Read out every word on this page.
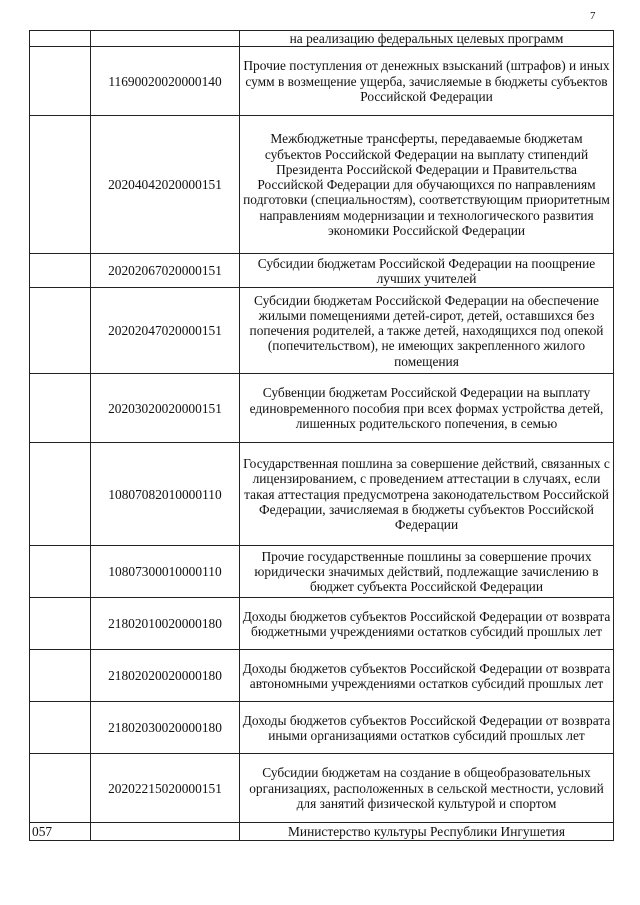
7
		на реализацию федеральных целевых программ
	11690020020000140	Прочие поступления от денежных взысканий (штрафов) и иных сумм в возмещение ущерба, зачисляемые в бюджеты субъектов Российской Федерации
	20204042020000151	Межбюджетные трансферты, передаваемые бюджетам субъектов Российской Федерации на выплату стипендий Президента Российской Федерации и Правительства Российской Федерации для обучающихся по направлениям подготовки (специальностям), соответствующим приоритетным направлениям модернизации и технологического развития экономики Российской Федерации
	20202067020000151	Субсидии бюджетам Российской Федерации на поощрение лучших учителей
	20202047020000151	Субсидии бюджетам Российской Федерации на обеспечение жилыми помещениями детей-сирот, детей, оставшихся без попечения родителей, а также детей, находящихся под опекой (попечительством), не имеющих закрепленного жилого помещения
	20203020020000151	Субвенции бюджетам Российской Федерации на выплату единовременного пособия при всех формах устройства детей, лишенных родительского попечения, в семью
	10807082010000110	Государственная пошлина за совершение действий, связанных с лицензированием, с проведением аттестации в случаях, если такая аттестация предусмотрена законодательством Российской Федерации, зачисляемая в бюджеты субъектов Российской Федерации
	10807300010000110	Прочие государственные пошлины за совершение прочих юридически значимых действий, подлежащие зачислению в бюджет субъекта Российской Федерации
	21802010020000180	Доходы бюджетов субъектов Российской Федерации от возврата бюджетными учреждениями остатков субсидий прошлых лет
	21802020020000180	Доходы бюджетов субъектов Российской Федерации от возврата автономными учреждениями остатков субсидий прошлых лет
	21802030020000180	Доходы бюджетов субъектов Российской Федерации от возврата иными организациями остатков субсидий прошлых лет
	20202215020000151	Субсидии бюджетам на создание в общеобразовательных организациях, расположенных в сельской местности, условий для занятий физической культурой и спортом
057		Министерство культуры Республики Ингушетия
